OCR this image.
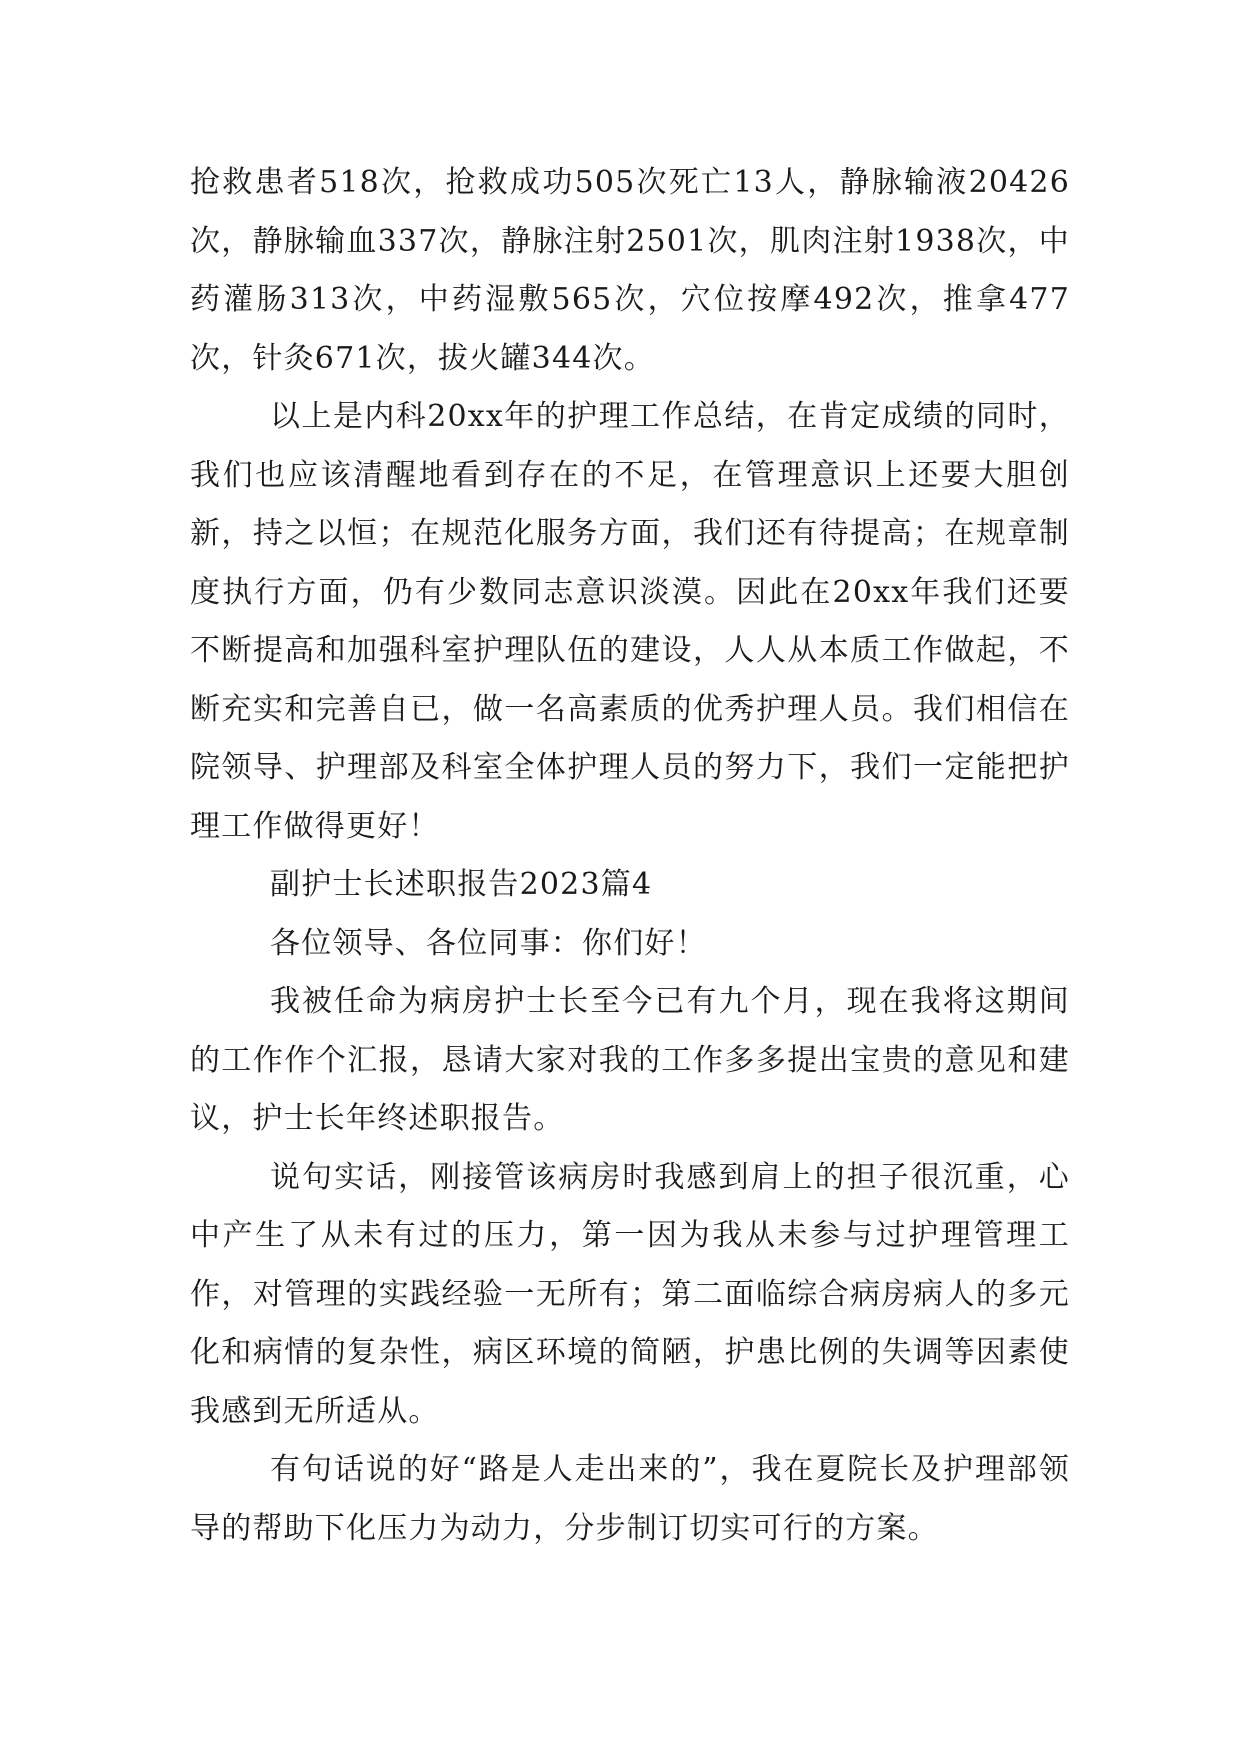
抢救患者518次，抢救成功505次死亡13人，静脉输液20426次，静脉输血337次，静脉注射2501次，肌肉注射1938次，中药灌肠313次，中药湿敷565次，穴位按摩492次，推拿477次，针灸671次，拔火罐344次。

以上是内科20xx年的护理工作总结，在肯定成绩的同时，我们也应该清醒地看到存在的不足，在管理意识上还要大胆创新，持之以恒；在规范化服务方面，我们还有待提高；在规章制度执行方面，仍有少数同志意识淡漠。因此在20xx年我们还要不断提高和加强科室护理队伍的建设，人人从本质工作做起，不断充实和完善自已，做一名高素质的优秀护理人员。我们相信在院领导、护理部及科室全体护理人员的努力下，我们一定能把护理工作做得更好！

副护士长述职报告2023篇4

各位领导、各位同事：你们好！

我被任命为病房护士长至今已有九个月，现在我将这期间的工作作个汇报，恳请大家对我的工作多多提出宝贵的意见和建议，护士长年终述职报告。

说句实话，刚接管该病房时我感到肩上的担子很沉重，心中产生了从未有过的压力，第一因为我从未参与过护理管理工作，对管理的实践经验一无所有；第二面临综合病房病人的多元化和病情的复杂性，病区环境的简陋，护患比例的失调等因素使我感到无所适从。

有句话说的好“路是人走出来的”，我在夏院长及护理部领导的帮助下化压力为动力，分步制订切实可行的方案。
